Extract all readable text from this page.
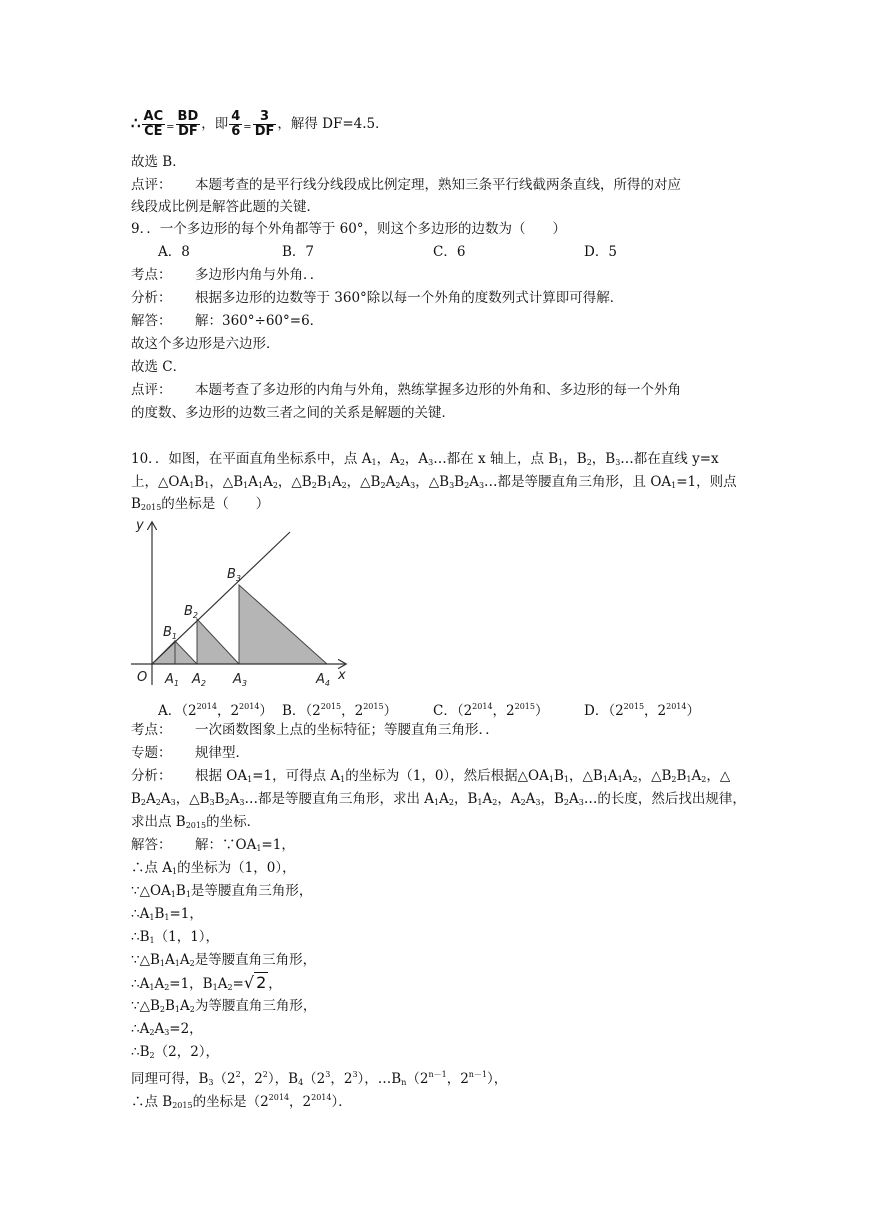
∴ $\frac{AC}{CE} = \frac{BD}{DF}$ ，即 $\frac{4}{6} = \frac{3}{DF}$ ，解得 DF=4.5．
故选 B．
点评： 本题考查的是平行线分线段成比例定理，熟知三条平行线截两条直线，所得的对应
线段成比例是解答此题的关键．
9．．一个多边形的每个外角都等于 60°，则这个多边形的边数为（　　）
A．8	B．7	C．6	D．5
考点： 多边形内角与外角．．
分析： 根据多边形的边数等于 360°除以每一个外角的度数列式计算即可得解．
解答： 解：360°÷60°=6．
故这个多边形是六边形．
故选 C．
点评： 本题考查了多边形的内角与外角，熟练掌握多边形的外角和、多边形的每一个外角
的度数、多边形的边数三者之间的关系是解题的关键．
10．．如图，在平面直角坐标系中，点 $A_1$，$A_2$，$A_3\dots$都在 x 轴上，点 $B_1$，$B_2$，$B_3\dots$都在直线 y=x
上，$\triangle OA_1B_1$，$\triangle B_1A_1A_2$，$\triangle B_2B_1A_2$，$\triangle B_2A_2A_3$，$\triangle B_3B_2A_3\dots$都是等腰直角三角形，且 $OA_1=1$，则点
$B_{2015}$的坐标是（　　）
y
x
O $A_1$ $A_2$ $A_3$	$A_4$
$B_1$
$B_2$
$B_3$
A．（$2^{2014}$，$2^{2014}$） B．（$2^{2015}$，$2^{2015}$）	C．（$2^{2014}$，$2^{2015}$）	D．（$2^{2015}$，$2^{2014}$）
考点： 一次函数图象上点的坐标特征；等腰直角三角形．．
专题： 规律型．
分析： 根据 $OA_1=1$，可得点 $A_1$的坐标为（1，0），然后根据$\triangle OA_1B_1$，$\triangle B_1A_1A_2$，$\triangle B_2B_1A_2$，△
$B_2A_2A_3$，$\triangle B_3B_2A_3\dots$都是等腰直角三角形，求出 $A_1A_2$，$B_1A_2$，$A_2A_3$，$B_2A_3\dots$的长度，然后找出规律，
求出点 $B_{2015}$的坐标．
解答： 解：$\because OA_1=1$，
∴点 $A_1$的坐标为（1，0），
$\because\triangle OA_1B_1$是等腰直角三角形，
$\therefore A_1B_1=1$，
$\therefore B_1(1$，1），
$\because\triangle B_1A_1A_2$是等腰直角三角形，
$\therefore A_1A_2=1$，$B_1A_2=√$ 2 ，
$\because\triangle B_2B_1A_2$为等腰直角三角形，
$\therefore A_2A_3=2$，
$\therefore B_2(2$，2），
同理可得，$B_3(2^2$，$2^2$），$B_4(2^3$，$2^3$），$\dots B_n(2^{n-1}$，$2^{n-1}$），
∴点 $B_{2015}$的坐标是（$2^{2014}$，$2^{2014}$）．
